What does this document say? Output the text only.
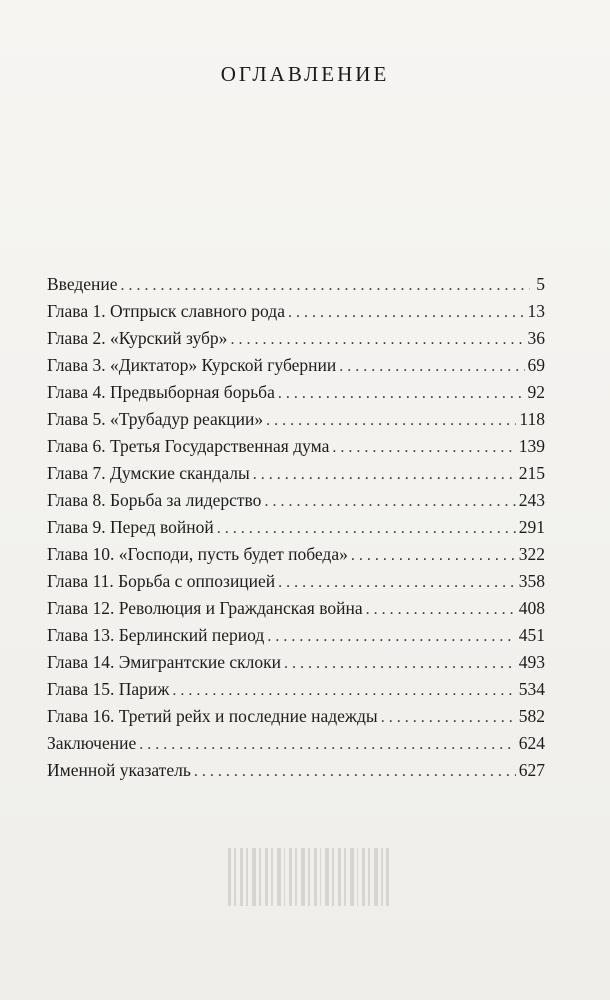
ОГЛАВЛЕНИЕ
Введение . . .	5
Глава 1. Отпрыск славного рода . . .	13
Глава 2. «Курский зубр» . . .	36
Глава 3. «Диктатор» Курской губернии . . .	69
Глава 4. Предвыборная борьба . . .	92
Глава 5. «Трубадур реакции» . . .	118
Глава 6. Третья Государственная дума . . .	139
Глава 7. Думские скандалы . . .	215
Глава 8. Борьба за лидерство . . .	243
Глава 9. Перед войной . . .	291
Глава 10. «Господи, пусть будет победа» . . .	322
Глава 11. Борьба с оппозицией . . .	358
Глава 12. Революция и Гражданская война . . .	408
Глава 13. Берлинский период . . .	451
Глава 14. Эмигрантские склоки . . .	493
Глава 15. Париж . . .	534
Глава 16. Третий рейх и последние надежды . . .	582
Заключение . . .	624
Именной указатель . . .	627
